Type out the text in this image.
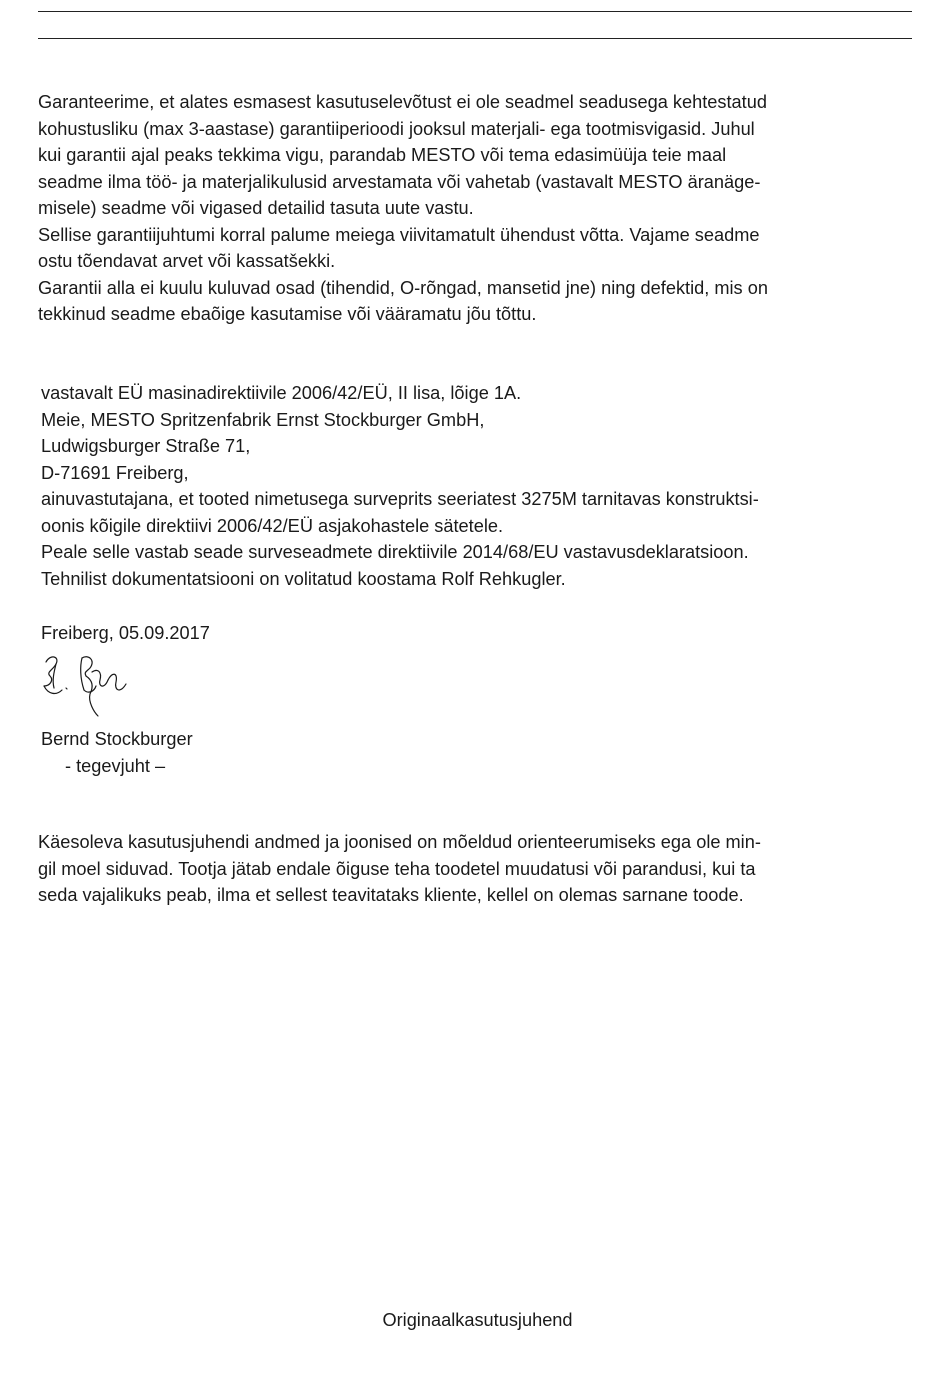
Garanteerime, et alates esmasest kasutuselevõtust ei ole seadmel seadusega kehtestatud
kohustusliku (max 3-aastase) garantiiperioodi jooksul materjali- ega tootmisvigasid. Juhul
kui garantii ajal peaks tekkima vigu, parandab MESTO või tema edasimüüja teie maal
seadme ilma töö- ja materjalikulusid arvestamata või vahetab (vastavalt MESTO äranäge-
misele) seadme või vigased detailid tasuta uute vastu.
Sellise garantiijuhtumi korral palume meiega viivitamatult ühendust võtta. Vajame seadme
ostu tõendavat arvet või kassatšekki.
Garantii alla ei kuulu kuluvad osad (tihendid, O-rõngad, mansetid jne) ning defektid, mis on
tekkinud seadme ebaõige kasutamise või vääramatu jõu tõttu.
vastavalt EÜ masinadirektiivile 2006/42/EÜ, II lisa, lõige 1A.
Meie, MESTO Spritzenfabrik Ernst Stockburger GmbH,
Ludwigsburger Straße 71,
D-71691 Freiberg,
ainuvastutajana, et tooted nimetusega surveprits seeriatest 3275M tarnitavas konstruktsi-
oonis kõigile direktiivi 2006/42/EÜ asjakohastele sätetele.
Peale selle vastab seade surveseadmete direktiivile 2014/68/EU vastavusdeklaratsioon.
Tehnilist dokumentatsiooni on volitatud koostama Rolf Rehkugler.
Freiberg, 05.09.2017
Bernd Stockburger
- tegevjuht –
Käesoleva kasutusjuhendi andmed ja joonised on mõeldud orienteerumiseks ega ole min-
gil moel siduvad. Tootja jätab endale õiguse teha toodetel muudatusi või parandusi, kui ta
seda vajalikuks peab, ilma et sellest teavitataks kliente, kellel on olemas sarnane toode.
Originaalkasutusjuhend
